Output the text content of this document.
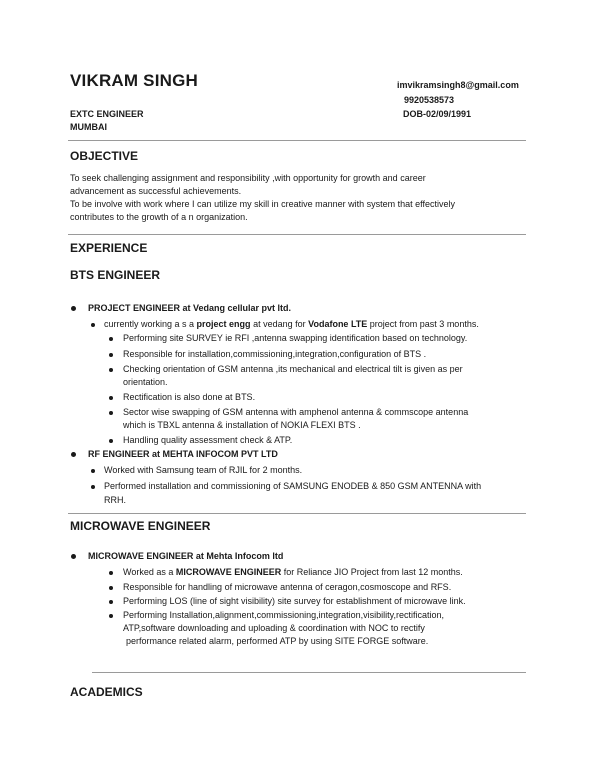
VIKRAM SINGH	imvikramsingh8@gmail.com
9920538573
EXTC ENGINEER	DOB-02/09/1991
MUMBAI
OBJECTIVE
To seek challenging assignment and responsibility ,with opportunity for growth and career
advancement as successful achievements.
To be involve with work where I can utilize my skill in creative manner with system that effectively
contributes to the growth of a n organization.
EXPERIENCE
BTS ENGINEER
PROJECT ENGINEER at Vedang cellular pvt ltd.
currently working a s a project engg at vedang for Vodafone LTE project from past 3 months.
Performing site SURVEY ie RFI ,antenna swapping identification based on technology.
Responsible for installation,commissioning,integration,configuration of BTS .
Checking orientation of GSM antenna ,its mechanical and electrical tilt is given as per
orientation.
Rectification is also done at BTS.
Sector wise swapping of GSM antenna with amphenol antenna & commscope antenna
which is TBXL antenna & installation of NOKIA FLEXI BTS .
Handling quality assessment check & ATP.
RF ENGINEER at MEHTA INFOCOM PVT LTD
Worked with Samsung team of RJIL for 2 months.
Performed installation and commissioning of SAMSUNG ENODEB & 850 GSM ANTENNA with
RRH.
MICROWAVE ENGINEER
MICROWAVE ENGINEER at Mehta Infocom ltd
Worked as a MICROWAVE ENGINEER for Reliance JIO Project from last 12 months.
Responsible for handling of microwave antenna of ceragon,cosmoscope and RFS.
Performing LOS (line of sight visibility) site survey for establishment of microwave link.
Performing Installation,alignment,commissioning,integration,visibility,rectification,
ATP,software downloading and uploading & coordination with NOC to rectify
performance related alarm, performed ATP by using SITE FORGE software.
ACADEMICS
